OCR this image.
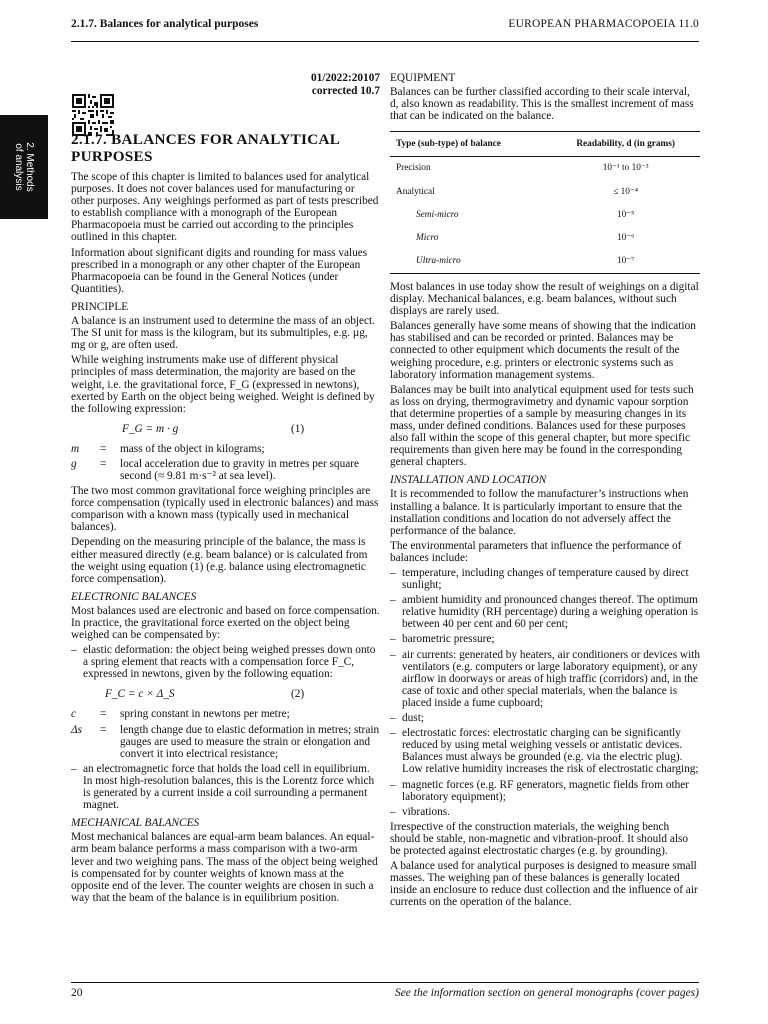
2.1.7. Balances for analytical purposes	EUROPEAN PHARMACOPOEIA 11.0
2. Methods
of analysis
01/2022:20107
corrected 10.7
2.1.7. BALANCES FOR ANALYTICAL PURPOSES

The scope of this chapter is limited to balances used for analytical purposes. It does not cover balances used for manufacturing or other purposes. Any weighings performed as part of tests prescribed to establish compliance with a monograph of the European Pharmacopoeia must be carried out according to the principles outlined in this chapter.

Information about significant digits and rounding for mass values prescribed in a monograph or any other chapter of the European Pharmacopoeia can be found in the General Notices (under Quantities).

PRINCIPLE

A balance is an instrument used to determine the mass of an object. The SI unit for mass is the kilogram, but its submultiples, e.g. µg, mg or g, are often used.

While weighing instruments make use of different physical principles of mass determination, the majority are based on the weight, i.e. the gravitational force, F_G (expressed in newtons), exerted by Earth on the object being weighed. Weight is defined by the following expression:

F_G = m · g	(1)
m	=	mass of the object in kilograms;
g	=	local acceleration due to gravity in metres per square second (≈ 9.81 m·s⁻² at sea level).

The two most common gravitational force weighing principles are force compensation (typically used in electronic balances) and mass comparison with a known mass (typically used in mechanical balances).

Depending on the measuring principle of the balance, the mass is either measured directly (e.g. beam balance) or is calculated from the weight using equation (1) (e.g. balance using electromagnetic force compensation).

ELECTRONIC BALANCES

Most balances used are electronic and based on force compensation. In practice, the gravitational force exerted on the object being weighed can be compensated by:

– elastic deformation: the object being weighed presses down onto a spring element that reacts with a compensation force F_C, expressed in newtons, given by the following equation:
F_C = c × Δ_S	(2)
c	=	spring constant in newtons per metre;
Δs	=	length change due to elastic deformation in metres; strain gauges are used to measure the strain or elongation and convert it into electrical resistance;
– an electromagnetic force that holds the load cell in equilibrium. In most high-resolution balances, this is the Lorentz force which is generated by a current inside a coil surrounding a permanent magnet.
MECHANICAL BALANCES

Most mechanical balances are equal-arm beam balances. An equal-arm beam balance performs a mass comparison with a two-arm lever and two weighing pans. The mass of the object being weighed is compensated for by counter weights of known mass at the opposite end of the lever. The counter weights are chosen in such a way that the beam of the balance is in equilibrium position.

EQUIPMENT

Balances can be further classified according to their scale interval, d, also known as readability. This is the smallest increment of mass that can be indicated on the balance.

Type (sub-type) of balance	Readability, d (in grams)
Precision	10⁻¹ to 10⁻³
Analytical	≤ 10⁻⁴
Semi-micro	10⁻⁵
Micro	10⁻⁶
Ultra-micro	10⁻⁷

Most balances in use today show the result of weighings on a digital display. Mechanical balances, e.g. beam balances, without such displays are rarely used.

Balances generally have some means of showing that the indication has stabilised and can be recorded or printed. Balances may be connected to other equipment which documents the result of the weighing procedure, e.g. printers or electronic systems such as laboratory information management systems.

Balances may be built into analytical equipment used for tests such as loss on drying, thermogravimetry and dynamic vapour sorption that determine properties of a sample by measuring changes in its mass, under defined conditions. Balances used for these purposes also fall within the scope of this general chapter, but more specific requirements than given here may be found in the corresponding general chapters.

INSTALLATION AND LOCATION

It is recommended to follow the manufacturer’s instructions when installing a balance. It is particularly important to ensure that the installation conditions and location do not adversely affect the performance of the balance.

The environmental parameters that influence the performance of balances include:

– temperature, including changes of temperature caused by direct sunlight;
– ambient humidity and pronounced changes thereof. The optimum relative humidity (RH percentage) during a weighing operation is between 40 per cent and 60 per cent;
– barometric pressure;
– air currents: generated by heaters, air conditioners or devices with ventilators (e.g. computers or large laboratory equipment), or any airflow in doorways or areas of high traffic (corridors) and, in the case of toxic and other special materials, when the balance is placed inside a fume cupboard;
– dust;
– electrostatic forces: electrostatic charging can be significantly reduced by using metal weighing vessels or antistatic devices. Balances must always be grounded (e.g. via the electric plug). Low relative humidity increases the risk of electrostatic charging;
– magnetic forces (e.g. RF generators, magnetic fields from other laboratory equipment);
– vibrations.

Irrespective of the construction materials, the weighing bench should be stable, non-magnetic and vibration-proof. It should also be protected against electrostatic charges (e.g. by grounding).

A balance used for analytical purposes is designed to measure small masses. The weighing pan of these balances is generally located inside an enclosure to reduce dust collection and the influence of air currents on the operation of the balance.

20	See the information section on general monographs (cover pages)
